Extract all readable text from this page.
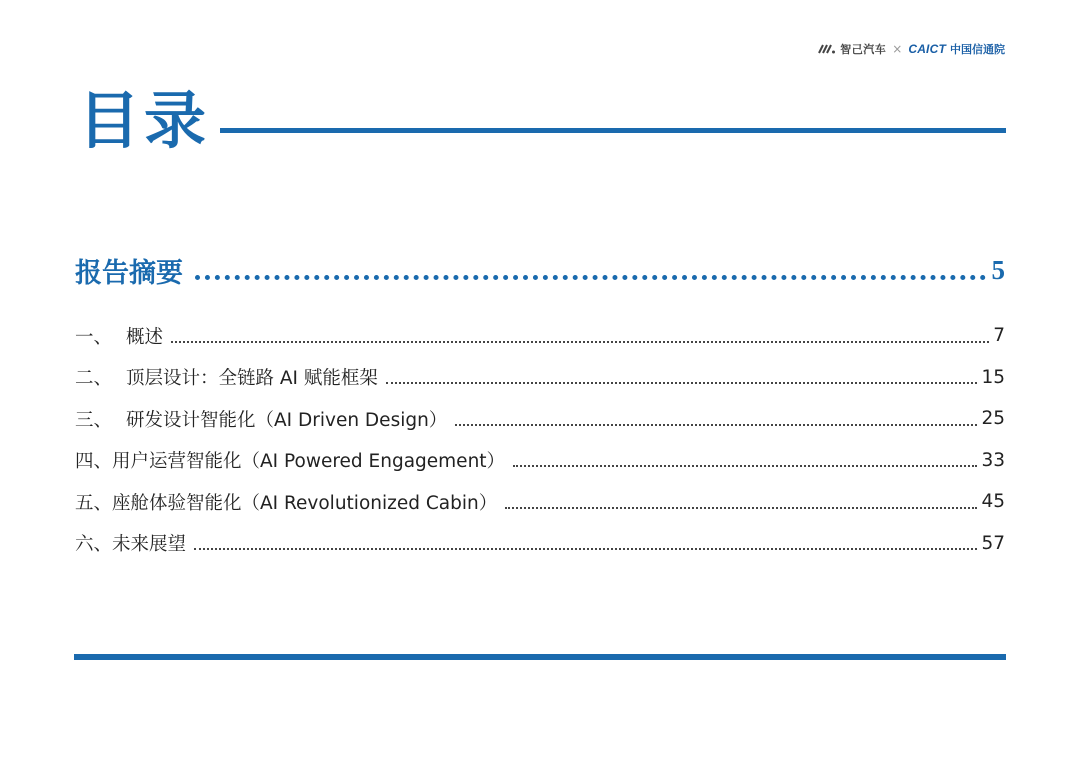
智己汽车 × CAICT 中国信通院
目录
报告摘要	5
一、 概述	7
二、 顶层设计：全链路 AI 赋能框架	15
三、 研发设计智能化（AI Driven Design）	25
四、 用户运营智能化（AI Powered Engagement）	33
五、 座舱体验智能化（AI Revolutionized Cabin）	45
六、 未来展望	57
